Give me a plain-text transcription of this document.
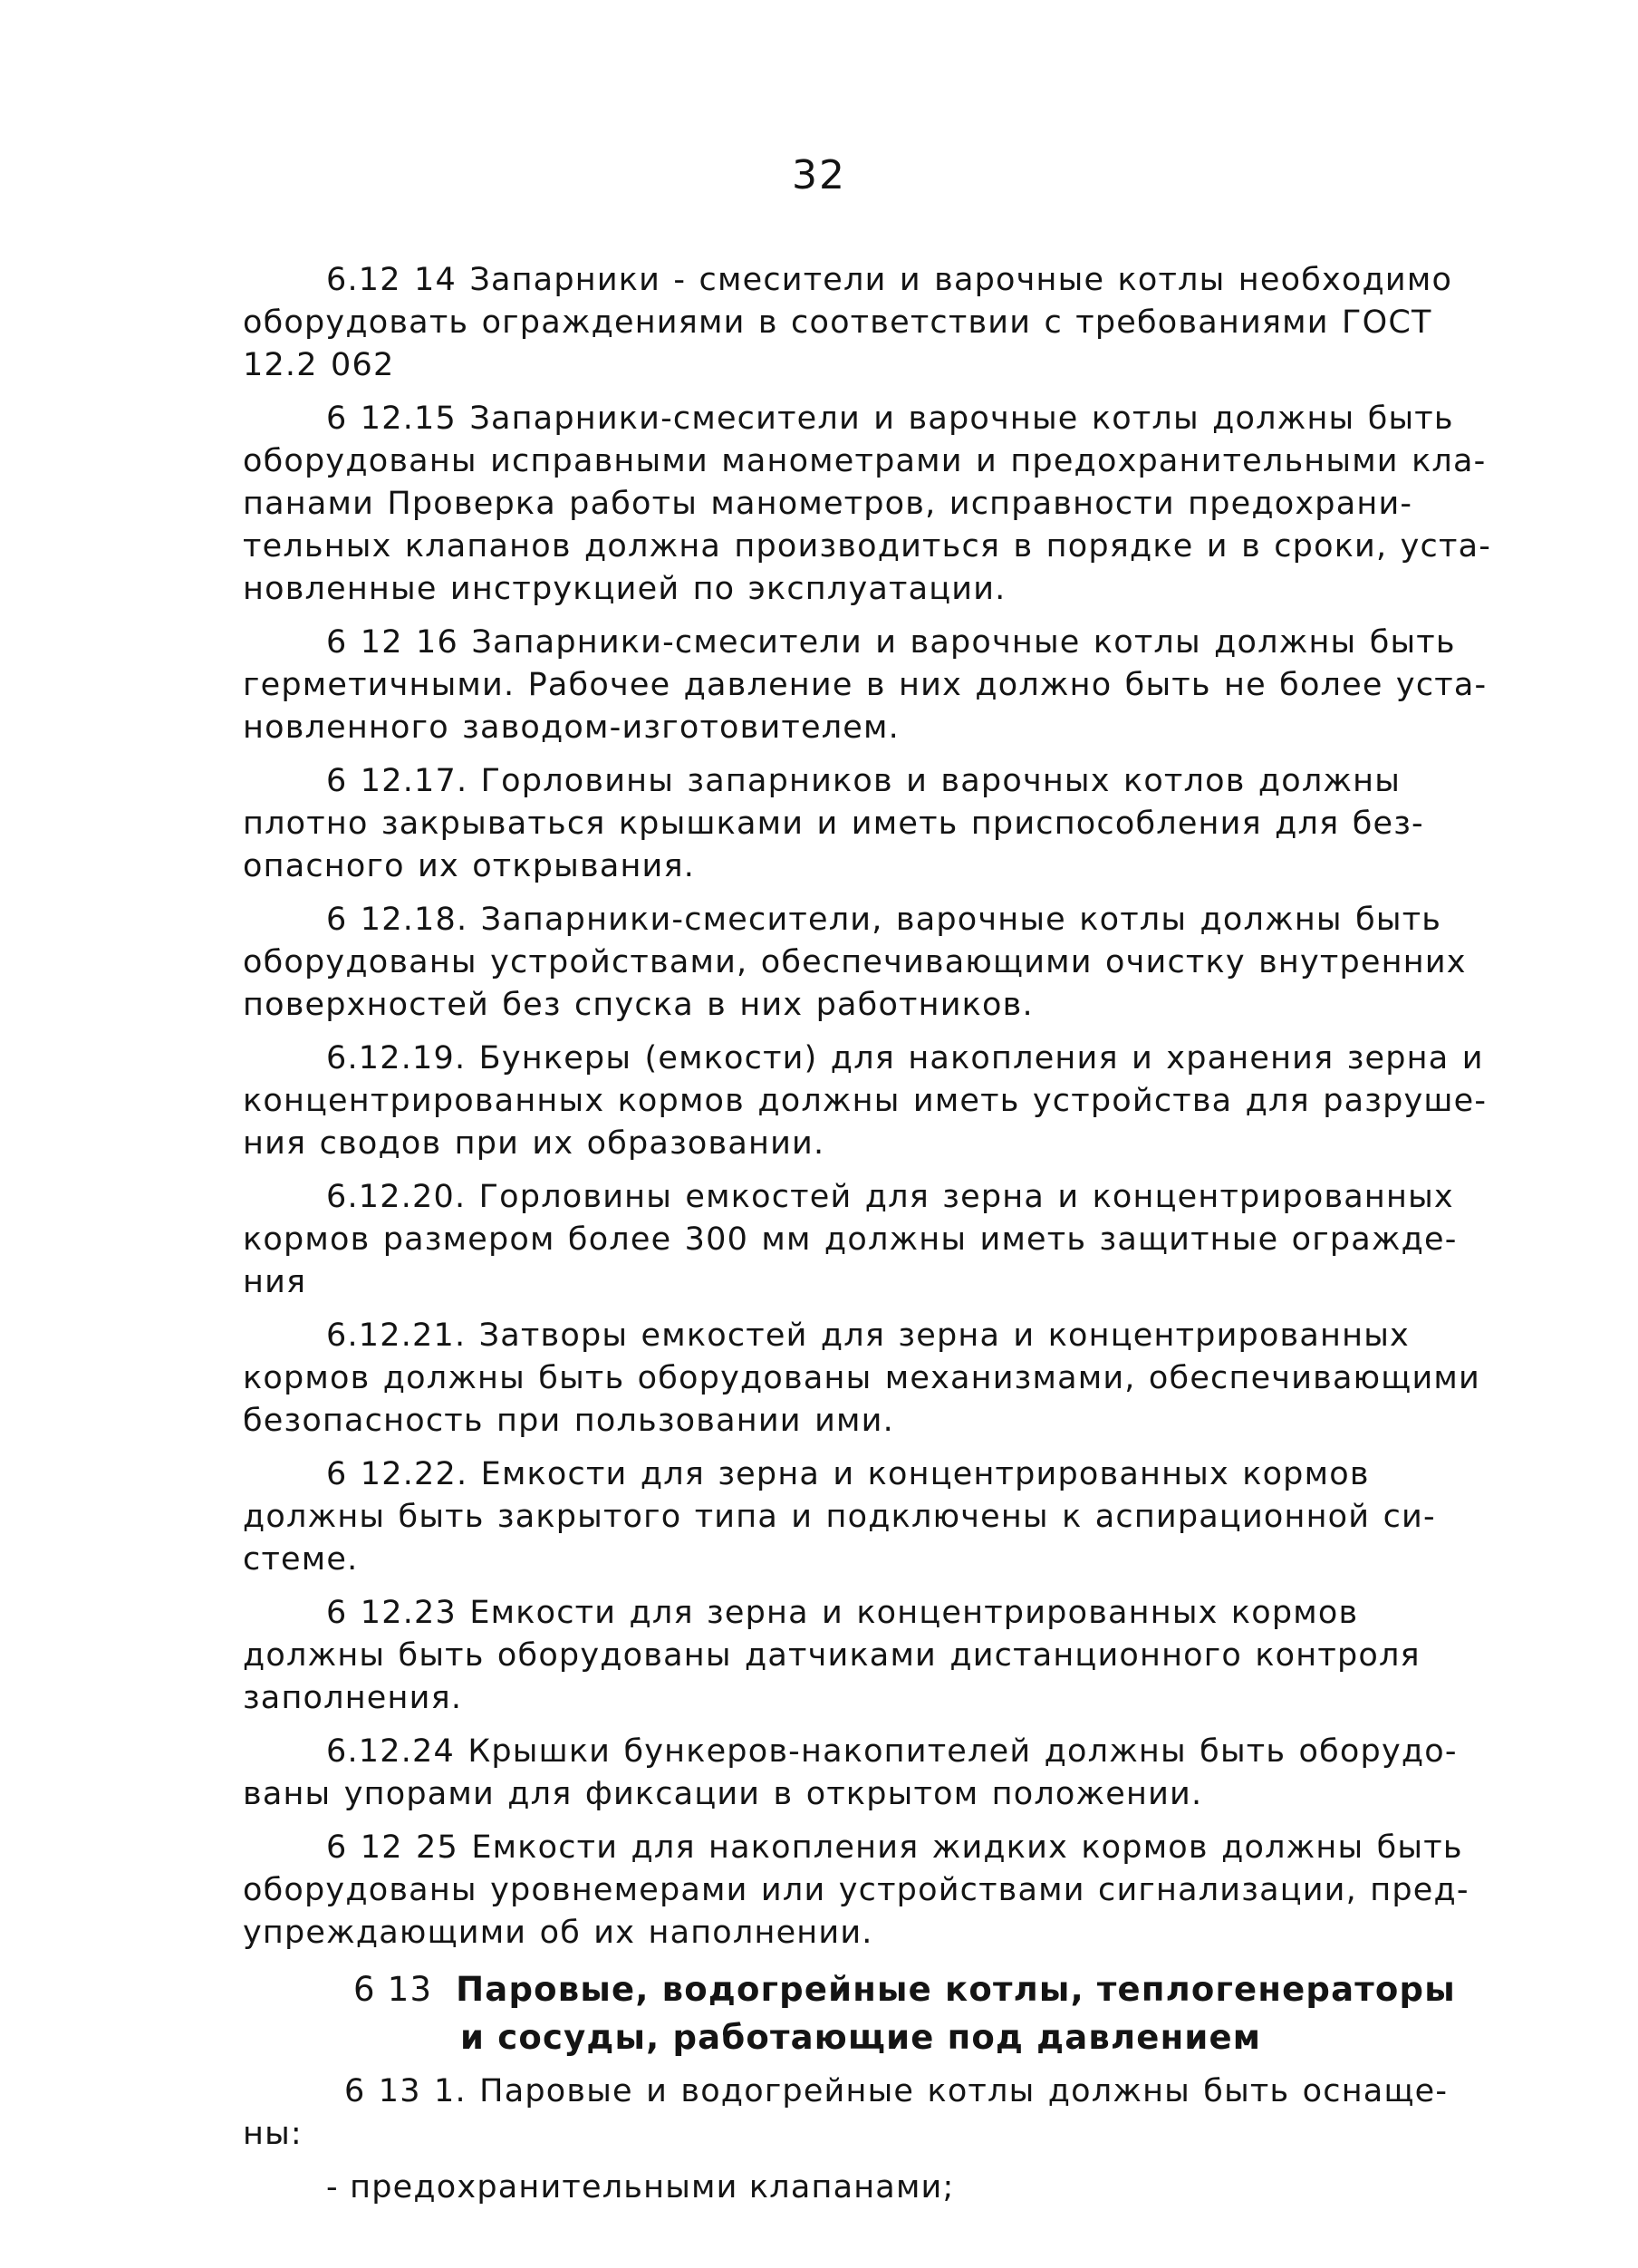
32

6.12 14 Запарники - смесители и варочные котлы необходимо
оборудовать ограждениями в соответствии с требованиями ГОСТ
12.2 062

6 12.15 Запарники-смесители и варочные котлы должны быть
оборудованы исправными манометрами и предохранительными кла-
панами Проверка работы манометров, исправности предохрани-
тельных клапанов должна производиться в порядке и в сроки, уста-
новленные инструкцией по эксплуатации.

6 12 16 Запарники-смесители и варочные котлы должны быть
герметичными. Рабочее давление в них должно быть не более уста-
новленного заводом-изготовителем.

6 12.17. Горловины запарников и варочных котлов должны
плотно закрываться крышками и иметь приспособления для без-
опасного их открывания.

6 12.18. Запарники-смесители, варочные котлы должны быть
оборудованы устройствами, обеспечивающими очистку внутренних
поверхностей без спуска в них работников.

6.12.19. Бункеры (емкости) для накопления и хранения зерна и
концентрированных кормов должны иметь устройства для разруше-
ния сводов при их образовании.

6.12.20. Горловины емкостей для зерна и концентрированных
кормов размером более 300 мм должны иметь защитные огражде-
ния

6.12.21. Затворы емкостей для зерна и концентрированных
кормов должны быть оборудованы механизмами, обеспечивающими
безопасность при пользовании ими.

6 12.22. Емкости для зерна и концентрированных кормов
должны быть закрытого типа и подключены к аспирационной си-
стеме.

6 12.23 Емкости для зерна и концентрированных кормов
должны быть оборудованы датчиками дистанционного контроля
заполнения.

6.12.24 Крышки бункеров-накопителей должны быть оборудо-
ваны упорами для фиксации в открытом положении.

6 12 25 Емкости для накопления жидких кормов должны быть
оборудованы уровнемерами или устройствами сигнализации, пред-
упреждающими об их наполнении.

6 13 Паровые, водогрейные котлы, теплогенераторы
и сосуды, работающие под давлением

6 13 1. Паровые и водогрейные котлы должны быть оснаще-
ны:

- предохранительными клапанами;
